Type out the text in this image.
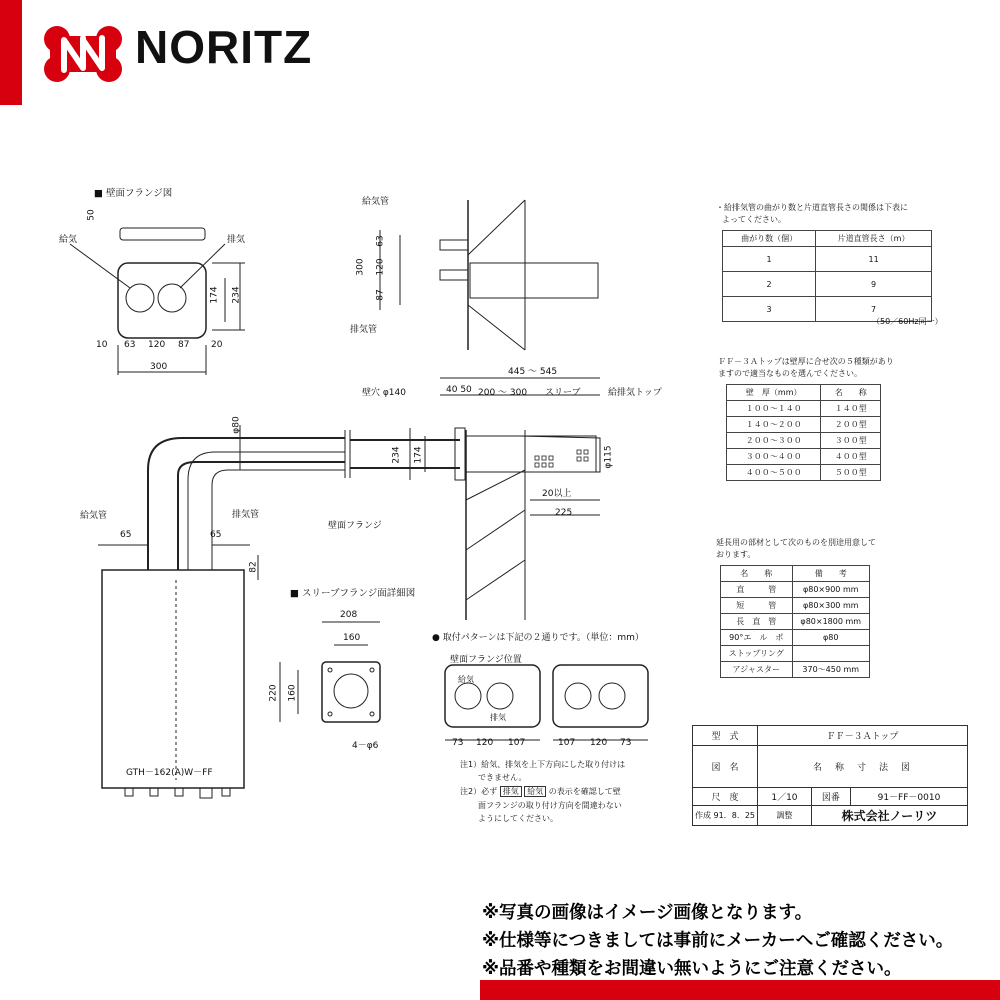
NORITZ
■ 壁面フランジ図
給気	排気
50
174 234
10 63 120 87 20
300
給気管
排気管
300
63
120
87
445 ～ 545
壁穴 φ140	40 50 200 ～ 300 スリーブ	給排気トップ
φ80
234 174	φ115
20以上
225
壁面フランジ
給気管	排気管
65	65
82
GTH－162(A)W－FF
■ スリーブフランジ面詳細図
208
160
220 160
4－φ6
● 取付パターンは下記の２通りです。（単位：mm）
壁面フランジ位置
給気
排気
73 120 107	107 120 73
注1）給気、排気を上下方向にした取り付けは
できません。
注2）必ず 排気 給気 の表示を確認して壁
面フランジの取り付け方向を間違わない
ようにしてください。
・給排気管の曲がり数と片道直管長さの関係は下表に
よってください。
曲がり数（個）	片道直管長さ（m）
1	11
2	9
3	7
（50／60Hz同一）
ＦＦ－３Ａトップは壁厚に合せ次の５種類があり
ますので適当なものを選んでください。
壁　厚（mm）	名　　称
１００～１４０	１４０型
１４０～２００	２００型
２００～３００	３００型
３００～４００	４００型
４００～５００	５００型
延長用の部材として次のものを別途用意して
おります。
名　　称	備　　考
直　　　管	φ80×900 mm
短　　　管	φ80×300 mm
長　直　管	φ80×1800 mm
90°エ　ル　ボ	φ80
ストップリング	
アジャスター	370～450 mm
型　式	ＦＦ－３Ａトップ		
図　名	名　称　寸　法　図		
尺　度	1／10	図番	91－FF－0010
作成 91．8．25	調整	株式会社ノーリツ	
※写真の画像はイメージ画像となります。
※仕様等につきましては事前にメーカーへご確認ください。
※品番や種類をお間違い無いようにご注意ください。
